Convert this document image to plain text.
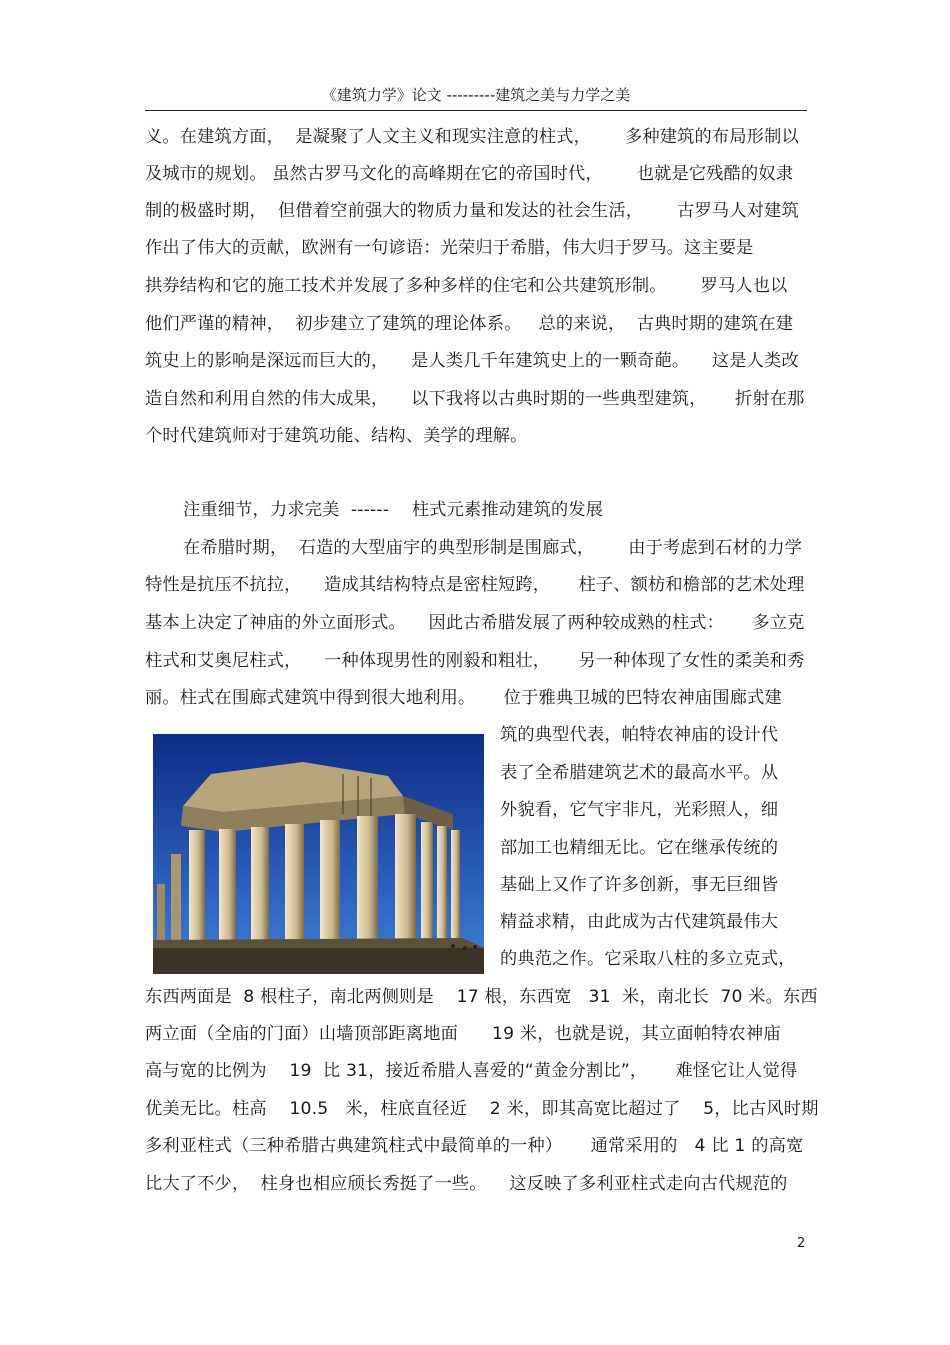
《建筑力学》论文 ---------建筑之美与力学之美
义。在建筑方面，  是凝聚了人文主义和现实注意的柱式，      多种建筑的布局形制以
及城市的规划。 虽然古罗马文化的高峰期在它的帝国时代，      也就是它残酷的奴隶
制的极盛时期，  但借着空前强大的物质力量和发达的社会生活，      古罗马人对建筑
作出了伟大的贡献，欧洲有一句谚语：光荣归于希腊，伟大归于罗马。这主要是
拱券结构和它的施工技术并发展了多种多样的住宅和公共建筑形制。      罗马人也以
他们严谨的精神，  初步建立了建筑的理论体系。   总的来说，  古典时期的建筑在建
筑史上的影响是深远而巨大的，    是人类几千年建筑史上的一颗奇葩。    这是人类改
造自然和利用自然的伟大成果，    以下我将以古典时期的一些典型建筑，     折射在那
个时代建筑师对于建筑功能、结构、美学的理解。
注重细节，力求完美  ------    柱式元素推动建筑的发展
在希腊时期，  石造的大型庙宇的典型形制是围廊式，      由于考虑到石材的力学
特性是抗压不抗拉，    造成其结构特点是密柱短跨，     柱子、额枋和檐部的艺术处理
基本上决定了神庙的外立面形式。    因此古希腊发展了两种较成熟的柱式：     多立克
柱式和艾奥尼柱式，    一种体现男性的刚毅和粗壮，     另一种体现了女性的柔美和秀
丽。柱式在围廊式建筑中得到很大地利用。     位于雅典卫城的巴特农神庙围廊式建
筑的典型代表，帕特农神庙的设计代
表了全希腊建筑艺术的最高水平。从
外貌看，它气宇非凡，光彩照人，细
部加工也精细无比。它在继承传统的
基础上又作了许多创新，事无巨细皆
精益求精，由此成为古代建筑最伟大
的典范之作。它采取八柱的多立克式，
东西两面是  8 根柱子，南北两侧则是    17 根，东西宽   31  米，南北长  70 米。东西
两立面（全庙的门面）山墙顶部距离地面      19 米，也就是说，其立面帕特农神庙
高与宽的比例为    19  比 31，接近希腊人喜爱的“黄金分割比”，     难怪它让人觉得
优美无比。柱高    10.5   米，柱底直径近    2 米，即其高宽比超过了    5，比古风时期
多利亚柱式（三种希腊古典建筑柱式中最简单的一种）     通常采用的   4 比 1 的高宽
比大了不少，  柱身也相应颀长秀挺了一些。    这反映了多利亚柱式走向古代规范的
2
